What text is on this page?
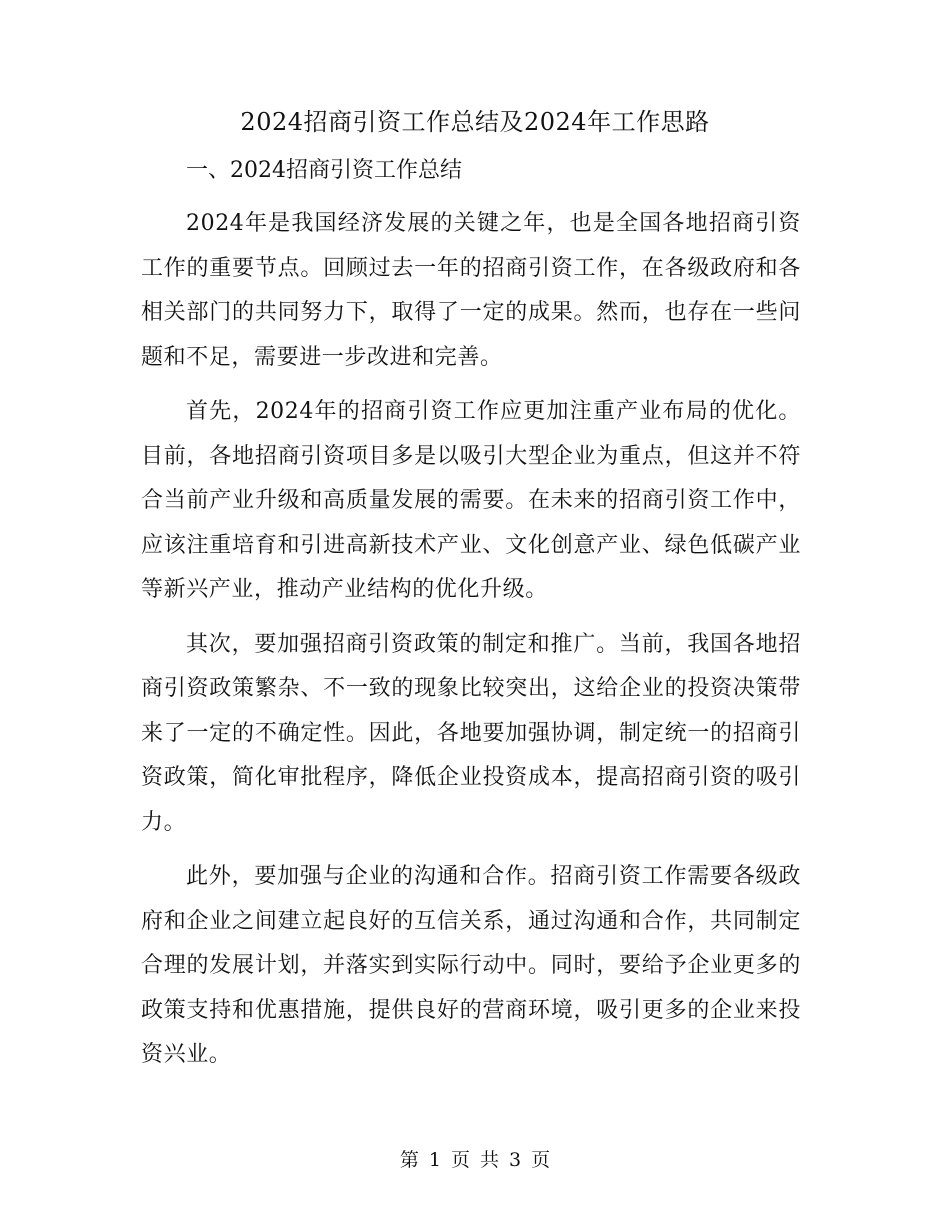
2024招商引资工作总结及2024年工作思路
一、2024招商引资工作总结

2024年是我国经济发展的关键之年，也是全国各地招商引资工作的重要节点。回顾过去一年的招商引资工作，在各级政府和各相关部门的共同努力下，取得了一定的成果。然而，也存在一些问题和不足，需要进一步改进和完善。

首先，2024年的招商引资工作应更加注重产业布局的优化。目前，各地招商引资项目多是以吸引大型企业为重点，但这并不符合当前产业升级和高质量发展的需要。在未来的招商引资工作中，应该注重培育和引进高新技术产业、文化创意产业、绿色低碳产业等新兴产业，推动产业结构的优化升级。

其次，要加强招商引资政策的制定和推广。当前，我国各地招商引资政策繁杂、不一致的现象比较突出，这给企业的投资决策带来了一定的不确定性。因此，各地要加强协调，制定统一的招商引资政策，简化审批程序，降低企业投资成本，提高招商引资的吸引力。

此外，要加强与企业的沟通和合作。招商引资工作需要各级政府和企业之间建立起良好的互信关系，通过沟通和合作，共同制定合理的发展计划，并落实到实际行动中。同时，要给予企业更多的政策支持和优惠措施，提供良好的营商环境，吸引更多的企业来投资兴业。

第 1 页 共 3 页
